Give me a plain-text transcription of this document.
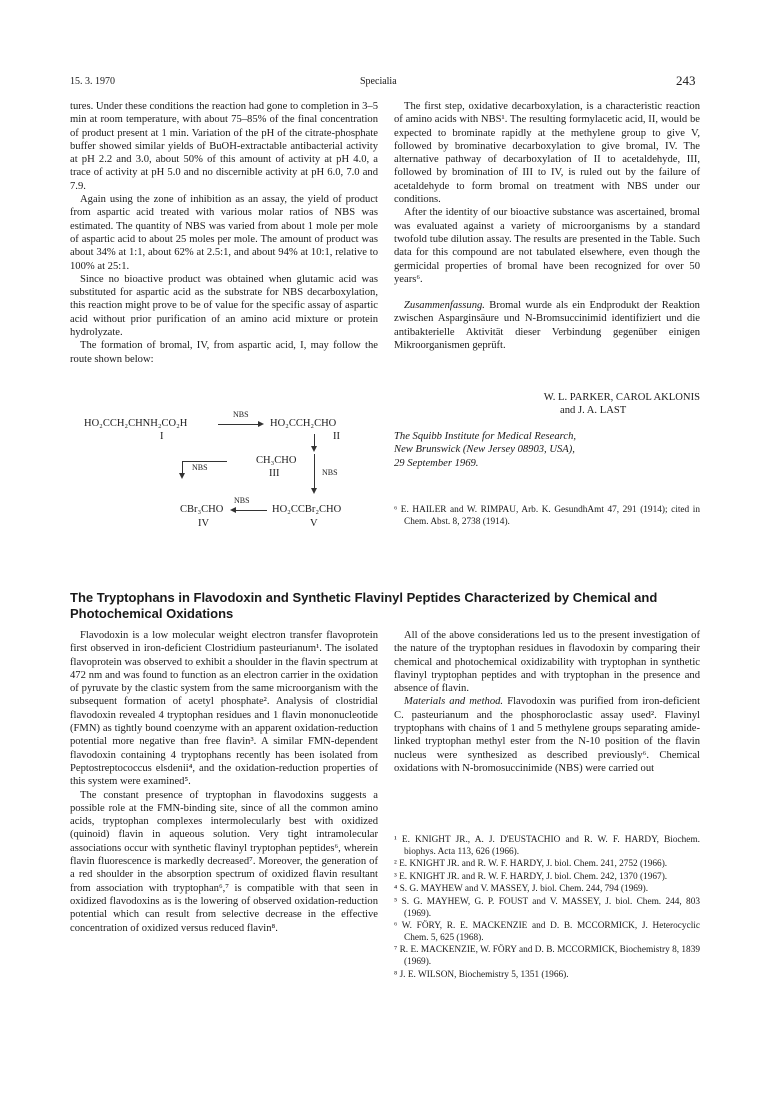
15. 3. 1970	Specialia	243

tures. Under these conditions the reaction had gone to completion in 3–5 min at room temperature, with about 75–85% of the final concentration of product present at 1 min. Variation of the pH of the citrate-phosphate buffer showed similar yields of BuOH-extractable antibacterial activity at pH 2.2 and 3.0, about 50% of this amount of activity at pH 4.0, a trace of activity at pH 5.0 and no discernible activity at pH 6.0, 7.0 and 7.9.

Again using the zone of inhibition as an assay, the yield of product from aspartic acid treated with various molar ratios of NBS was estimated. The quantity of NBS was varied from about 1 mole per mole of aspartic acid to about 25 moles per mole. The amount of product was about 34% at 1:1, about 62% at 2.5:1, and about 94% at 10:1, relative to 100% at 25:1.

Since no bioactive product was obtained when glutamic acid was substituted for aspartic acid as the substrate for NBS decarboxylation, this reaction might prove to be of value for the specific assay of aspartic acid without prior purification of an amino acid mixture or protein hydrolyzate.

The formation of bromal, IV, from aspartic acid, I, may follow the route shown below:

NBS
HO₂CCH₂CHNH₂CO₂H	HO₂CCH₂CHO
I	II
NBS
CH₃CHO
III	NBS
NBS
CBr₃CHO	HO₂CCBr₂CHO
IV	V

The first step, oxidative decarboxylation, is a characteristic reaction of amino acids with NBS¹. The resulting formylacetic acid, II, would be expected to brominate rapidly at the methylene group to give V, followed by brominative decarboxylation to give bromal, IV. The alternative pathway of decarboxylation of II to acetaldehyde, III, followed by bromination of III to IV, is ruled out by the failure of acetaldehyde to form bromal on treatment with NBS under our conditions.

After the identity of our bioactive substance was ascertained, bromal was evaluated against a variety of microorganisms by a standard twofold tube dilution assay. The results are presented in the Table. Such data for this compound are not tabulated elsewhere, even though the germicidal properties of bromal have been recognized for over 50 years⁶.

Zusammenfassung. Bromal wurde als ein Endprodukt der Reaktion zwischen Asparginsäure und N-Bromsuccinimid identifiziert und die antibakterielle Aktivität dieser Verbindung gegenüber einigen Mikroorganismen geprüft.

W. L. PARKER, CAROL AKLONIS
and J. A. LAST
The Squibb Institute for Medical Research,
New Brunswick (New Jersey 08903, USA),
29 September 1969.

⁶ E. HAILER and W. RIMPAU, Arb. K. GesundhAmt 47, 291 (1914); cited in Chem. Abst. 8, 2738 (1914).

The Tryptophans in Flavodoxin and Synthetic Flavinyl Peptides Characterized by Chemical and Photochemical Oxidations

Flavodoxin is a low molecular weight electron transfer flavoprotein first observed in iron-deficient Clostridium pasteurianum¹. The isolated flavoprotein was observed to exhibit a shoulder in the flavin spectrum at 472 nm and was found to function as an electron carrier in the oxidation of pyruvate by the clastic system from the same microorganism with the subsequent formation of acetyl phosphate². Analysis of clostridial flavodoxin revealed 4 tryptophan residues and 1 flavin mononucleotide (FMN) as tightly bound coenzyme with an apparent oxidation-reduction potential more negative than free flavin³. A similar FMN-dependent flavodoxin containing 4 tryptophans recently has been isolated from Peptostreptococcus elsdenii⁴, and the oxidation-reduction properties of this system were examined⁵.

The constant presence of tryptophan in flavodoxins suggests a possible role at the FMN-binding site, since of all the common amino acids, tryptophan complexes intermolecularly best with oxidized (quinoid) flavin in aqueous solution. Very tight intramolecular associations occur with synthetic flavinyl tryptophan peptides⁶, wherein flavin fluorescence is markedly decreased⁷. Moreover, the generation of a red shoulder in the absorption spectrum of oxidized flavin resultant from association with tryptophan⁶,⁷ is compatible with that seen in oxidized flavodoxins as is the lowering of observed oxidation-reduction potential which can result from selective decrease in the effective concentration of oxidized versus reduced flavin⁸.

All of the above considerations led us to the present investigation of the nature of the tryptophan residues in flavodoxin by comparing their chemical and photochemical oxidizability with tryptophan in synthetic flavinyl tryptophan peptides and with tryptophan in the presence and absence of flavin.

Materials and method. Flavodoxin was purified from iron-deficient C. pasteurianum and the phosphoroclastic assay used². Flavinyl tryptophans with chains of 1 and 5 methylene groups separating amide-linked tryptophan methyl ester from the N-10 position of the flavin nucleus were synthesized as described previously⁶. Chemical oxidations with N-bromosuccinimide (NBS) were carried out

¹ E. KNIGHT JR., A. J. D'EUSTACHIO and R. W. F. HARDY, Biochem. biophys. Acta 113, 626 (1966).

² E. KNIGHT JR. and R. W. F. HARDY, J. biol. Chem. 241, 2752 (1966).

³ E. KNIGHT JR. and R. W. F. HARDY, J. biol. Chem. 242, 1370 (1967).

⁴ S. G. MAYHEW and V. MASSEY, J. biol. Chem. 244, 794 (1969).

⁵ S. G. MAYHEW, G. P. FOUST and V. MASSEY, J. biol. Chem. 244, 803 (1969).

⁶ W. FÖRY, R. E. MACKENZIE and D. B. MCCORMICK, J. Heterocyclic Chem. 5, 625 (1968).

⁷ R. E. MACKENZIE, W. FÖRY and D. B. MCCORMICK, Biochemistry 8, 1839 (1969).

⁸ J. E. WILSON, Biochemistry 5, 1351 (1966).
